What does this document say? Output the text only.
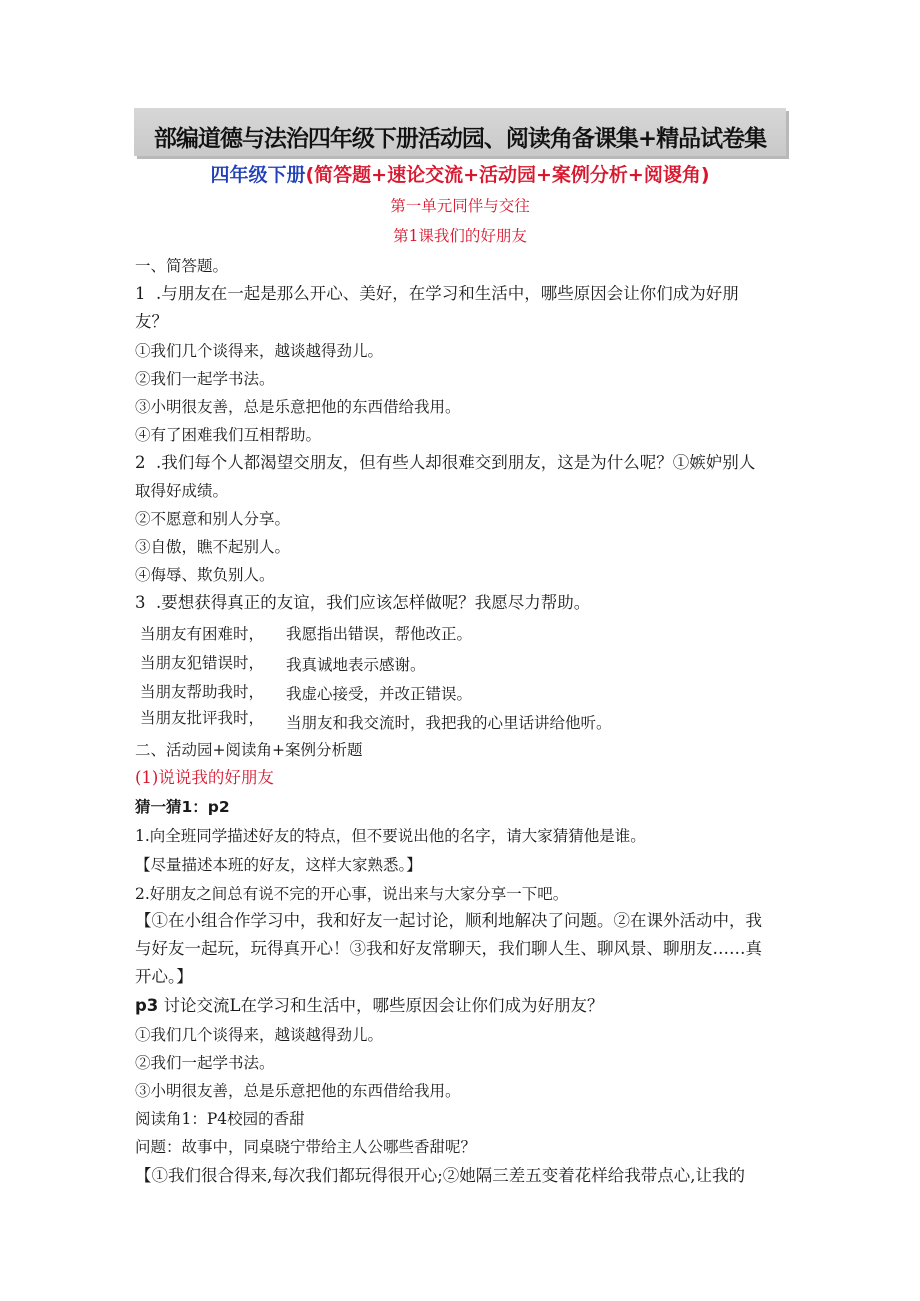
部编道德与法治四年级下册活动园、阅读角备课集+精品试卷集
四年级下册(简答题+速论交流+活动园+案例分析+阅谡角)
第一单元同伴与交往
第1课我们的好朋友
一、简答题。
1  .与朋友在一起是那么开心、美好，在学习和生活中，哪些原因会让你们成为好朋
友？
①我们几个谈得来，越谈越得劲儿。
②我们一起学书法。
③小明很友善，总是乐意把他的东西借给我用。
④有了困难我们互相帮助。
2  .我们每个人都渴望交朋友，但有些人却很难交到朋友，这是为什么呢？①嫉妒别人
取得好成绩。
②不愿意和别人分享。
③自傲，瞧不起别人。
④侮辱、欺负别人。
3  .要想获得真正的友谊，我们应该怎样做呢？我愿尽力帮助。
当朋友有困难时， 我愿指出错误，帮他改正。
当朋友犯错误时， 我真诚地表示感谢。
当朋友帮助我时， 我虚心接受，并改正错误。
当朋友批评我时， 当朋友和我交流时，我把我的心里话讲给他听。
二、活动园+阅读角+案例分析题
(1)说说我的好朋友
猜一猜1：p2
1.向全班同学描述好友的特点，但不要说出他的名字，请大家猜猜他是谁。
【尽量描述本班的好友，这样大家熟悉。】
2.好朋友之间总有说不完的开心事，说出来与大家分享一下吧。
【①在小组合作学习中，我和好友一起讨论，顺利地解决了问题。②在课外活动中，我
与好友一起玩，玩得真开心！③我和好友常聊天，我们聊人生、聊风景、聊朋友……真
开心。】
p3 讨论交流L在学习和生活中，哪些原因会让你们成为好朋友？
①我们几个谈得来，越谈越得劲儿。
②我们一起学书法。
③小明很友善，总是乐意把他的东西借给我用。
阅读角1：P4校园的香甜
问题：故事中，同桌晓宁带给主人公哪些香甜呢？
【①我们很合得来,每次我们都玩得很开心;②她隔三差五变着花样给我带点心,让我的
